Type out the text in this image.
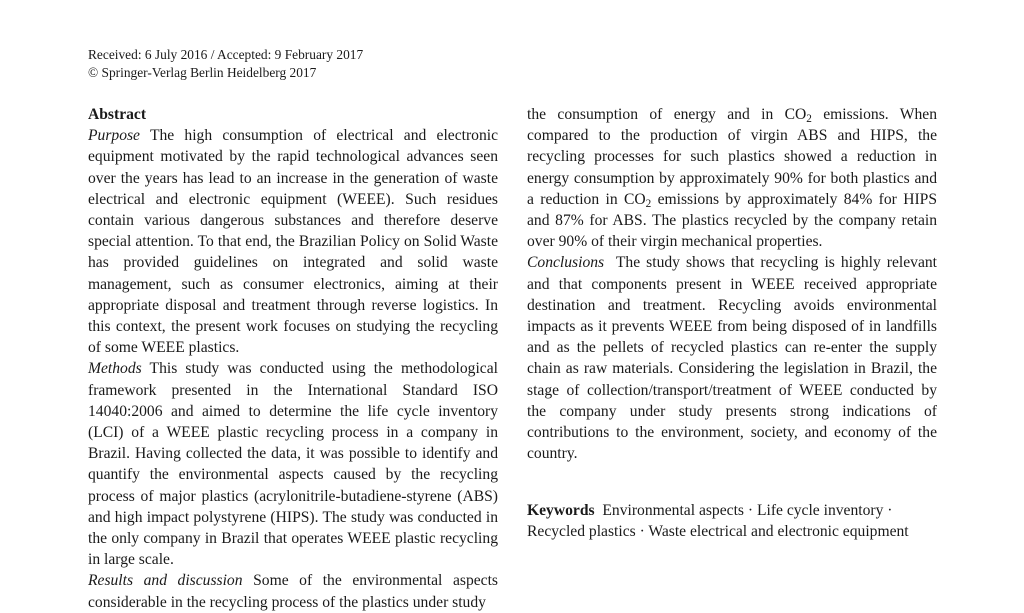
Received: 6 July 2016 / Accepted: 9 February 2017
© Springer-Verlag Berlin Heidelberg 2017
Abstract

Purpose The high consumption of electrical and electronic equipment motivated by the rapid technological advances seen over the years has lead to an increase in the generation of waste electrical and electronic equipment (WEEE). Such residues contain various dangerous substances and therefore deserve special attention. To that end, the Brazilian Policy on Solid Waste has provided guidelines on integrated and solid waste management, such as consumer electronics, aiming at their appropriate disposal and treatment through reverse logistics. In this context, the present work focuses on studying the recycling of some WEEE plastics.

Methods This study was conducted using the methodological framework presented in the International Standard ISO 14040:2006 and aimed to determine the life cycle inventory (LCI) of a WEEE plastic recycling process in a company in Brazil. Having collected the data, it was possible to identify and quantify the environmental aspects caused by the recycling process of major plastics (acrylonitrile-butadiene-styrene (ABS) and high impact polystyrene (HIPS). The study was conducted in the only company in Brazil that operates WEEE plastic recycling in large scale.

Results and discussion Some of the environmental aspects considerable in the recycling process of the plastics under study

the consumption of energy and in $CO_2$ emissions. When compared to the production of virgin ABS and HIPS, the recycling processes for such plastics showed a reduction in energy consumption by approximately 90% for both plastics and a reduction in $CO_2$ emissions by approximately 84% for HIPS and 87% for ABS. The plastics recycled by the company retain over 90% of their virgin mechanical properties.

Conclusions The study shows that recycling is highly relevant and that components present in WEEE received appropriate destination and treatment. Recycling avoids environmental impacts as it prevents WEEE from being disposed of in landfills and as the pellets of recycled plastics can re-enter the supply chain as raw materials. Considering the legislation in Brazil, the stage of collection/transport/treatment of WEEE conducted by the company under study presents strong indications of contributions to the environment, society, and economy of the country.

Keywords Environmental aspects · Life cycle inventory ·
Recycled plastics · Waste electrical and electronic equipment
